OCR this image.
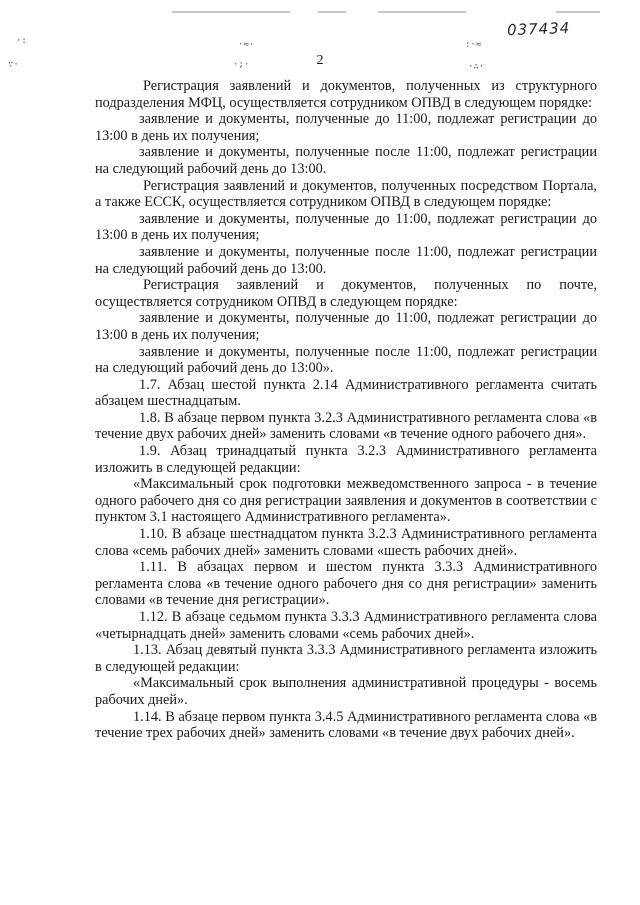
037434
·:
∵·
·≈·
·;·
:·≈
·∴·
2

Регистрация заявлений и документов, полученных из структурного подразделения МФЦ, осуществляется сотрудником ОПВД в следующем порядке:

заявление и документы, полученные до 11:00, подлежат регистрации до 13:00 в день их получения;

заявление и документы, полученные после 11:00, подлежат регистрации на следующий рабочий день до 13:00.

Регистрация заявлений и документов, полученных посредством Портала, а также ЕССК, осуществляется сотрудником ОПВД в следующем порядке:

заявление и документы, полученные до 11:00, подлежат регистрации до 13:00 в день их получения;

заявление и документы, полученные после 11:00, подлежат регистрации на следующий рабочий день до 13:00.

Регистрация заявлений и документов, полученных по почте, осуществляется сотрудником ОПВД в следующем порядке:

заявление и документы, полученные до 11:00, подлежат регистрации до 13:00 в день их получения;

заявление и документы, полученные после 11:00, подлежат регистрации на следующий рабочий день до 13:00».

1.7. Абзац шестой пункта 2.14 Административного регламента считать абзацем шестнадцатым.

1.8. В абзаце первом пункта 3.2.3 Административного регламента слова «в течение двух рабочих дней» заменить словами «в течение одного рабочего дня».

1.9. Абзац тринадцатый пункта 3.2.3 Административного регламента изложить в следующей редакции:

«Максимальный срок подготовки межведомственного запроса - в течение одного рабочего дня со дня регистрации заявления и документов в соответствии с пунктом 3.1 настоящего Административного регламента».

1.10. В абзаце шестнадцатом пункта 3.2.3 Административного регламента слова «семь рабочих дней» заменить словами «шесть рабочих дней».

1.11. В абзацах первом и шестом пункта 3.3.3 Административного регламента слова «в течение одного рабочего дня со дня регистрации» заменить словами «в течение дня регистрации».

1.12. В абзаце седьмом пункта 3.3.3 Административного регламента слова «четырнадцать дней» заменить словами «семь рабочих дней».

1.13. Абзац девятый пункта 3.3.3 Административного регламента изложить в следующей редакции:

«Максимальный срок выполнения административной процедуры - восемь рабочих дней».

1.14. В абзаце первом пункта 3.4.5 Административного регламента слова «в течение трех рабочих дней» заменить словами «в течение двух рабочих дней».
